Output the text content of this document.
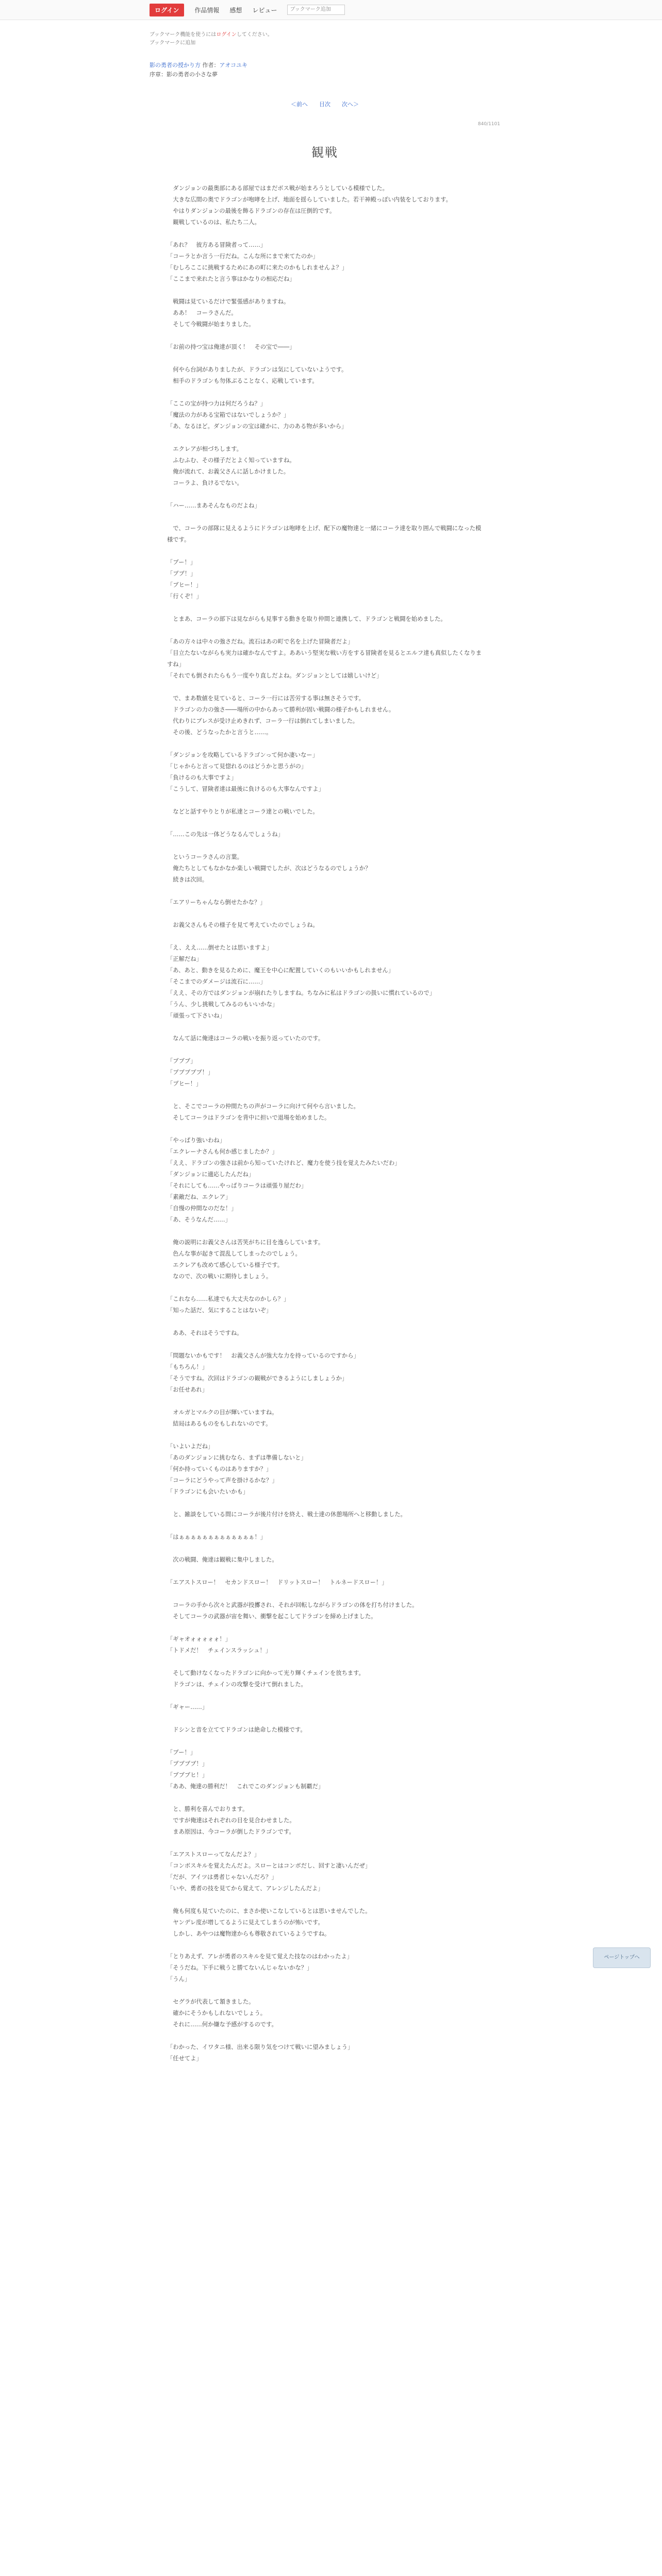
ログイン	作品情報 感想 レビュー	ブックマーク追加
ブックマーク機能を使うにはログインしてください。
ブックマークに追加
影の勇者の授かり方 作者：アオコユキ
序章：影の勇者の小さな夢
＜前へ 目次 次へ＞
840/1101
観戦

　ダンジョンの最奥部にある部屋ではまだボス戦が始まろうとしている模様でした。

　大きな広間の奥でドラゴンが咆哮を上げ、地面を揺らしていました。若干神殿っぽい内装をしております。

　やはりダンジョンの最後を飾るドラゴンの存在は圧倒的です。

　観戦しているのは、私たち二人。

「あれ？　彼方ある冒険者って……」

「コーラとか言う一行だね。こんな所にまで来てたのか」

「むしろここに挑戦するためにあの町に来たのかもしれませんよ？」

「ここまで来れたと言う事はかなりの相応だね」

　戦闘は見ているだけで緊張感がありますね。

　ああ！　コーラさんだ。

　そして今戦闘が始まりました。

「お前の持つ宝は俺達が頂く！　その宝で――」

　何やら台詞がありましたが、ドラゴンは気にしていないようです。

　相手のドラゴンも勿体ぶることなく、応戦しています。

「ここの宝が持つ力は何だろうね？」

「魔法の力がある宝箱ではないでしょうか？」

「あ、なるほど。ダンジョンの宝は確かに、力のある物が多いから」

　エクレアが相づちします。

　ふむふむ、その様子だとよく知っていますね。

　俺が流れて、お義父さんに話しかけました。

　コーラよ、負けるでない。

「ハー……まあそんなものだよね」

　で、コーラの部隊に見えるようにドラゴンは咆哮を上げ、配下の魔物達と一緒にコーラ達を取り囲んで戦闘になった模様です。

「ブー！」

「ブブ！」

「ブヒー！」

「行くぞ！」

　とまあ、コーラの部下は見ながらも見事する動きを取り仲間と連携して、ドラゴンと戦闘を始めました。

「あの方々は中々の強さだね。流石はあの町で名を上げた冒険者だよ」

「目立たないながらも実力は確かなんですよ。ああいう堅実な戦い方をする冒険者を見るとエルフ達も真似したくなりますね」

「それでも倒されたらもう一度やり直しだよね。ダンジョンとしては嬉しいけど」

　で、まあ数値を見ていると、コーラ一行には苦労する事は無さそうです。

　ドラゴンの力の強さ――場所の中からあって勝利が固い戦闘の様子かもしれません。

　代わりにブレスが受け止めきれず、コーラ一行は倒れてしまいました。

　その後、どうなったかと言うと……。

「ダンジョンを攻略しているドラゴンって何か凄いなー」

「じゃからと言って見惚れるのはどうかと思うがの」

「負けるのも大事ですよ」

「こうして、冒険者達は最後に負けるのも大事なんですよ」

　などと話すやりとりが私達とコーラ達との戦いでした。

「……この先は一体どうなるんでしょうね」

　というコーラさんの言葉。

　俺たちとしてもなかなか楽しい戦闘でしたが、次はどうなるのでしょうか？

　続きは次回。

「エアリーちゃんなら倒せたかな？」

　お義父さんもその様子を見て考えていたのでしょうね。

「え、ええ……倒せたとは思いますよ」

「正解だね」

「あ、あと、動きを見るために、魔王を中心に配置していくのもいいかもしれません」

「そこまでのダメージは流石に……」

「ええ、その方ではダンジョンが崩れたりしますね。ちなみに私はドラゴンの扱いに慣れているので」

「うん、少し挑戦してみるのもいいかな」

「頑張って下さいね」

　なんて話に俺達はコーラの戦いを振り返っていたのです。

「ブブブ」

「ブブブブブ！」

「ブヒー！」

　と、そこでコーラの仲間たちの声がコーラに向けて何やら言いました。

　そしてコーラはドラゴンを背中に担いで退場を始めました。

「やっぱり強いわね」

「エクレーナさんも何か感じましたか？」

「ええ、ドラゴンの強さは前から知っていたけれど、魔力を使う技を覚えたみたいだわ」

「ダンジョンに適応したんだね」

「それにしても……やっぱりコーラは頑張り屋だわ」

「素敵だね、エクレア」

「自慢の仲間なのだな！」

「あ、そうなんだ……」

　俺の説明にお義父さんは苦笑がちに目を逸らしています。

　色んな事が起きて混乱してしまったのでしょう。

　エクレアも改めて感心している様子です。

　なので、次の戦いに期待しましょう。

「これなら……私達でも大丈夫なのかしら？」

「知った話だ、気にすることはないぞ」

　ああ、それはそうですね。

「問題ないかもです！　お義父さんが強大な力を持っているのですから」

「もちろん！」

「そうですね。次回はドラゴンの観戦ができるようにしましょうか」

「お任せあれ」

　オルガとマルクの目が輝いていますね。

　結局はあるものをもしれないのです。

「いよいよだね」

「あのダンジョンに挑むなら、まずは準備しないと」

「何か持っていくものはありますか？」

「コーラにどうやって声を掛けるかな？」

「ドラゴンにも会いたいかも」

　と、雑談をしている間にコーラが後片付けを終え、戦士達の休憩場所へと移動しました。

「はぁぁぁぁぁぁぁぁぁぁぁぁぁ！」

　次の戦闘、俺達は観戦に集中しました。

「エアストスロー！　セカンドスロー！　ドリットスロー！　トルネードスロー！」

　コーラの手から次々と武器が投擲され、それが回転しながらドラゴンの体を打ち付けました。

　そしてコーラの武器が宙を舞い、衝撃を起こしてドラゴンを締め上げました。

「ギャオォォォォォ！」

「トドメだ！　チェインスラッシュ！」

　そして動けなくなったドラゴンに向かって光り輝くチェインを放ちます。

　ドラゴンは、チェインの攻撃を受けて倒れました。

「ギャー……」

　ドシンと音を立ててドラゴンは絶命した模様です。

「ブー！」

「ブブブブ！」

「ブブブヒ！」

「ああ、俺達の勝利だ！　これでこのダンジョンも制覇だ」

　と、勝利を喜んでおります。

　ですが俺達はそれぞれの目を見合わせました。

　まあ原因は、今コーラが倒したドラゴンです。

「エアストスローってなんだよ？」

「コンボスキルを覚えたんだよ。スローとはコンボだし、回すと凄いんだぜ」

「だが、アイツは勇者じゃないんだろ？」

「いや、勇者の技を見てから覚えて、アレンジしたんだよ」

　俺も何度も見ていたのに、まさか使いこなしているとは思いませんでした。

　ヤンデレ度が増してるように見えてしまうのが怖いです。

　しかし、あやつは魔物達からも尊敬されているようですね。

「とりあえず、アレが勇者のスキルを見て覚えた技なのはわかったよ」

「そうだね。下手に戦うと勝てないんじゃないかな？」

「うん」

　セグラが代表して頷きました。

　確かにそうかもしれないでしょう。

　それに……何か嫌な予感がするのです。

「わかった、イワタニ様、出来る限り気をつけて戦いに望みましょう」

「任せてよ」

ページトップへ
